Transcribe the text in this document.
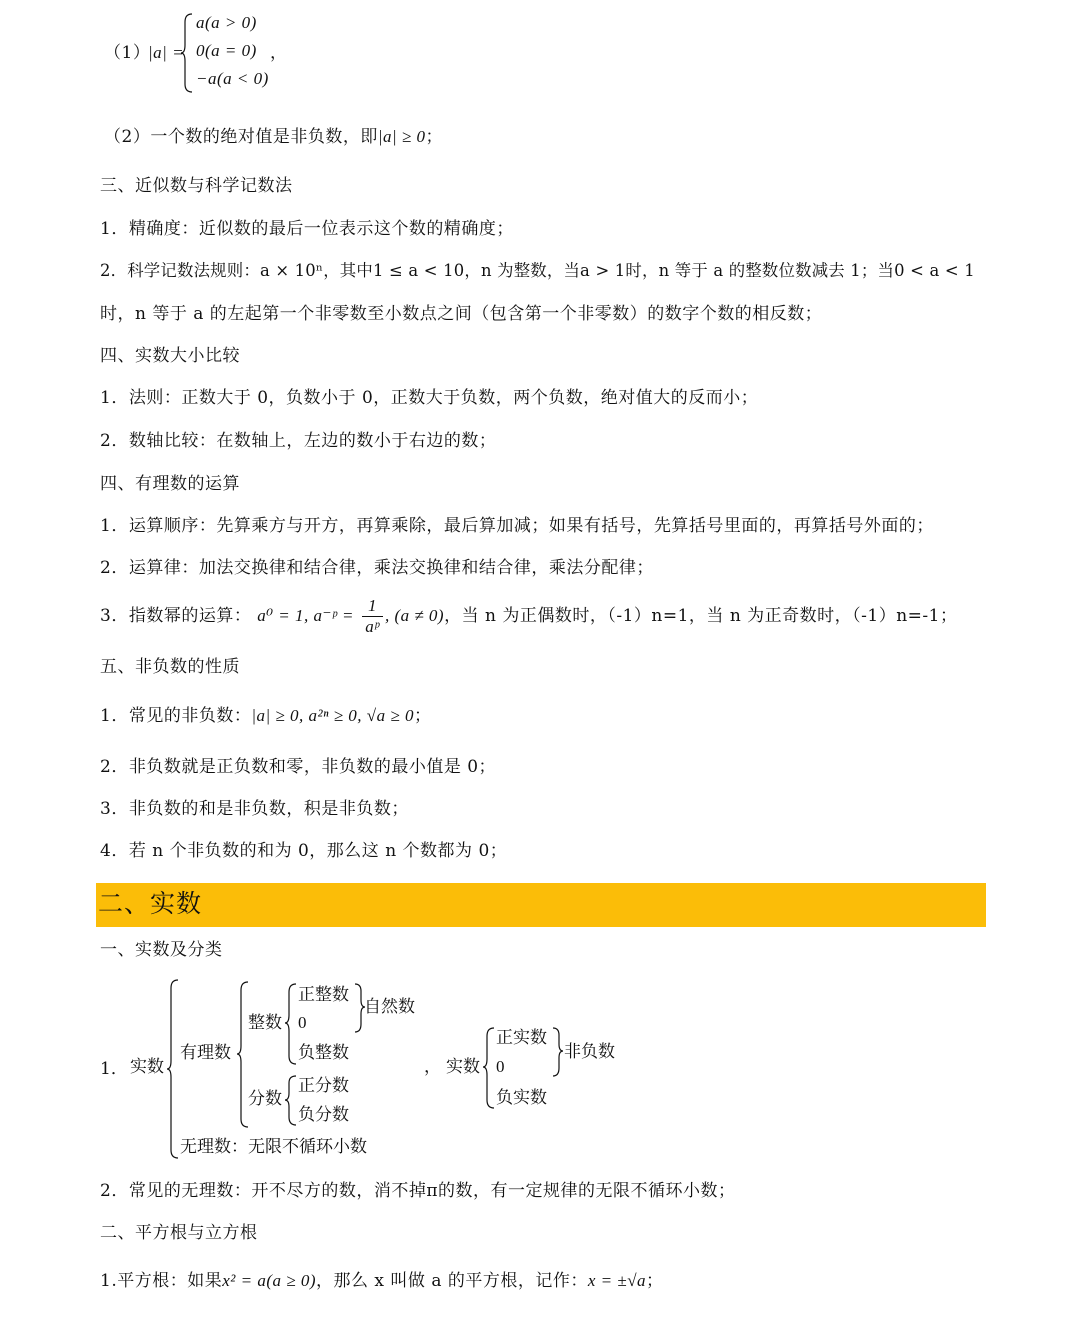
（1）
|a| =
a(a > 0)
0(a = 0)
−a(a < 0)
，
（2）一个数的绝对值是非负数，即|a| ≥ 0；
三、近似数与科学记数法
1．精确度：近似数的最后一位表示这个数的精确度；
2．科学记数法规则：a × 10ⁿ，其中1 ≤ a < 10，n 为整数，当a > 1时，n 等于 a 的整数位数减去 1；当0 < a < 1
时，n 等于 a 的左起第一个非零数至小数点之间（包含第一个非零数）的数字个数的相反数；
四、实数大小比较
1．法则：正数大于 0，负数小于 0，正数大于负数，两个负数，绝对值大的反而小；
2．数轴比较：在数轴上，左边的数小于右边的数；
四、有理数的运算
1．运算顺序：先算乘方与开方，再算乘除，最后算加减；如果有括号，先算括号里面的，再算括号外面的；
2．运算律：加法交换律和结合律，乘法交换律和结合律，乘法分配律；
3．指数幂的运算： a⁰ = 1, a⁻ᵖ = $\frac{1}{\text{aᵖ}}$ , (a ≠ 0)，当 n 为正偶数时，（-1）n=1，当 n 为正奇数时，（-1）n=-1；
五、非负数的性质
1．常见的非负数：|a| ≥ 0, a²ⁿ ≥ 0, √a ≥ 0；
2．非负数就是正负数和零，非负数的最小值是 0；
3．非负数的和是非负数，积是非负数；
4．若 n 个非负数的和为 0，那么这 n 个数都为 0；
二、实数
一、实数及分类
1． 实数
有理数
整数
正整数
0
负整数
自然数
分数
正分数
负分数
无理数：无限不循环小数
， 实数
正实数
0
负实数
非负数
2．常见的无理数：开不尽方的数，消不掉π的数，有一定规律的无限不循环小数；
二、平方根与立方根
1.平方根：如果x² = a(a ≥ 0)，那么 x 叫做 a 的平方根，记作：x = ±√a；
